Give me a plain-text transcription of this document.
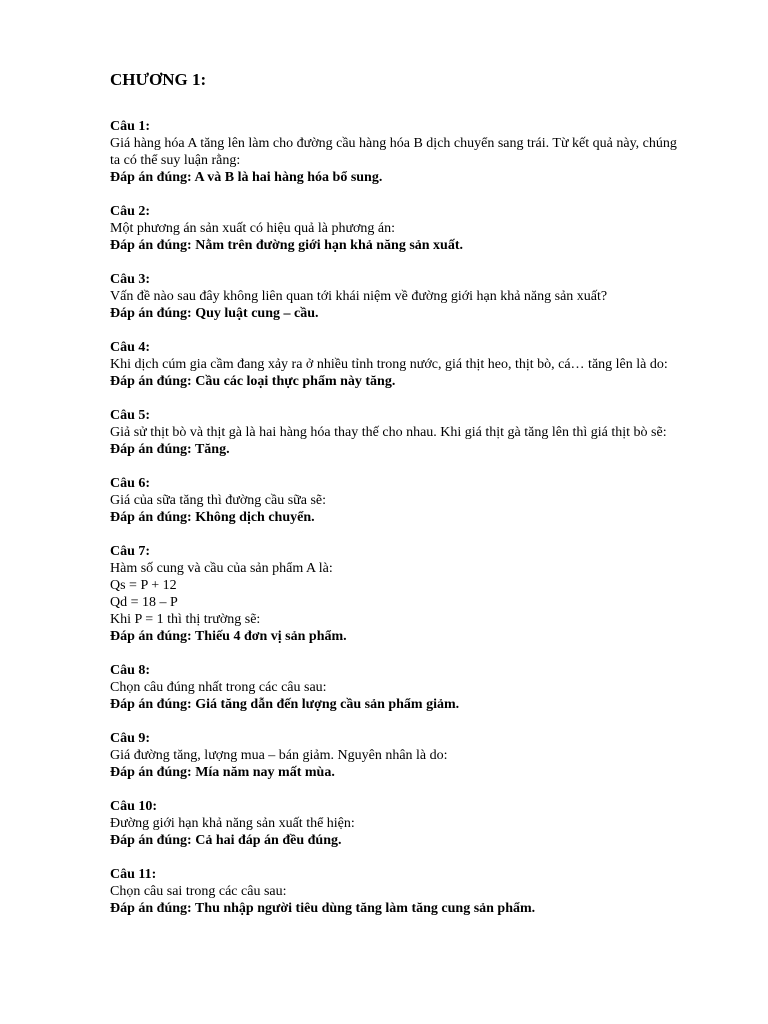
CHƯƠNG 1:
Câu 1:
Giá hàng hóa A tăng lên làm cho đường cầu hàng hóa B dịch chuyển sang trái. Từ kết quả này, chúng ta có thể suy luận rằng:
Đáp án đúng: A và B là hai hàng hóa bổ sung.
Câu 2:
Một phương án sản xuất có hiệu quả là phương án:
Đáp án đúng: Nằm trên đường giới hạn khả năng sản xuất.
Câu 3:
Vấn đề nào sau đây không liên quan tới khái niệm về đường giới hạn khả năng sản xuất?
Đáp án đúng: Quy luật cung – cầu.
Câu 4:
Khi dịch cúm gia cầm đang xảy ra ở nhiều tỉnh trong nước, giá thịt heo, thịt bò, cá… tăng lên là do:
Đáp án đúng: Cầu các loại thực phẩm này tăng.
Câu 5:
Giả sử thịt bò và thịt gà là hai hàng hóa thay thế cho nhau. Khi giá thịt gà tăng lên thì giá thịt bò sẽ:
Đáp án đúng: Tăng.
Câu 6:
Giá của sữa tăng thì đường cầu sữa sẽ:
Đáp án đúng: Không dịch chuyển.
Câu 7:
Hàm số cung và cầu của sản phẩm A là:
Qs = P + 12
Qd = 18 – P
Khi P = 1 thì thị trường sẽ:
Đáp án đúng: Thiếu 4 đơn vị sản phẩm.
Câu 8:
Chọn câu đúng nhất trong các câu sau:
Đáp án đúng: Giá tăng dẫn đến lượng cầu sản phẩm giảm.
Câu 9:
Giá đường tăng, lượng mua – bán giảm. Nguyên nhân là do:
Đáp án đúng: Mía năm nay mất mùa.
Câu 10:
Đường giới hạn khả năng sản xuất thể hiện:
Đáp án đúng: Cả hai đáp án đều đúng.
Câu 11:
Chọn câu sai trong các câu sau:
Đáp án đúng: Thu nhập người tiêu dùng tăng làm tăng cung sản phẩm.
